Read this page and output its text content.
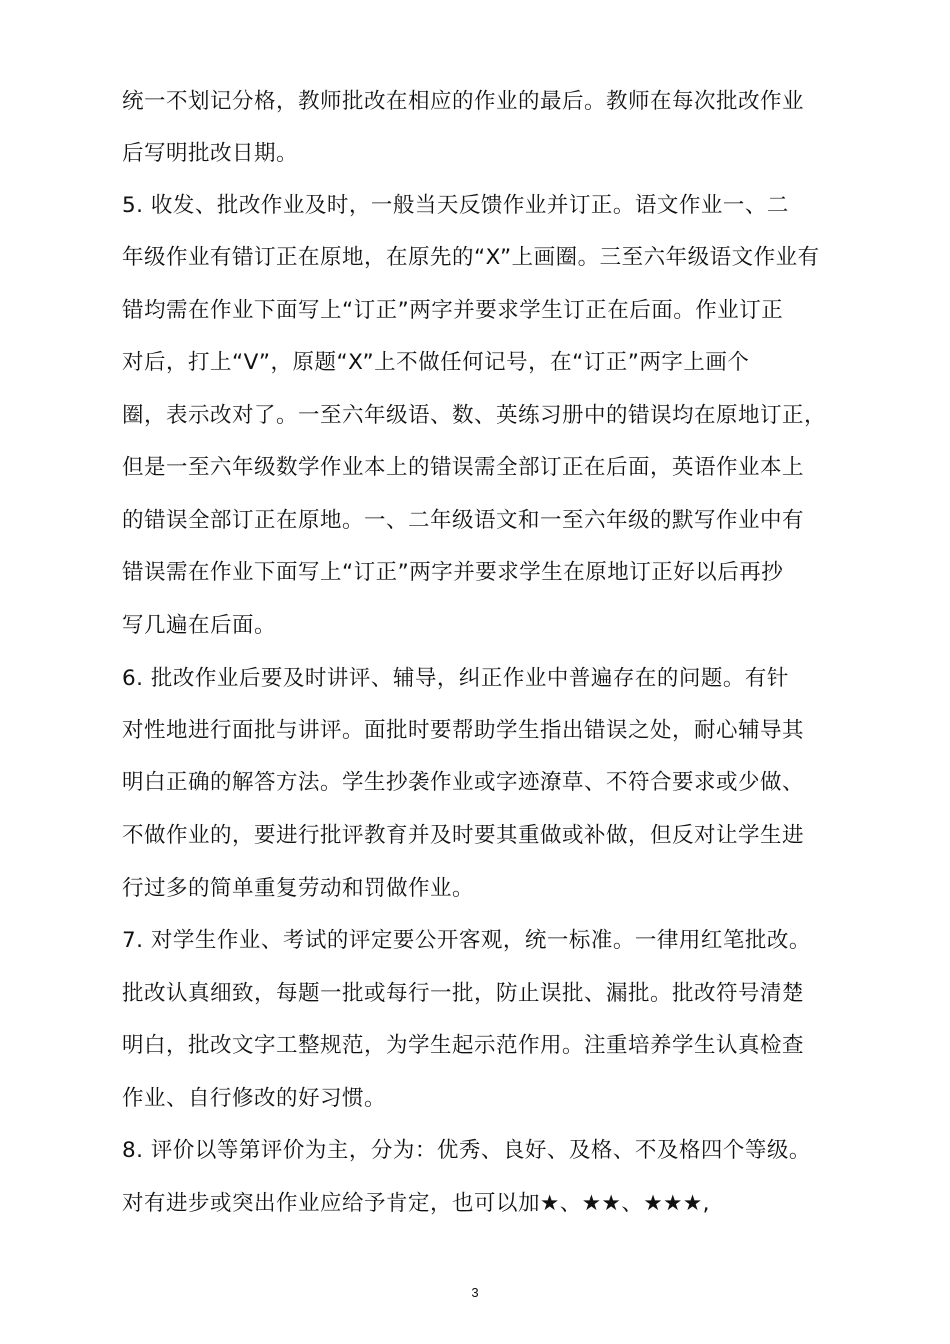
统一不划记分格，教师批改在相应的作业的最后。教师在每次批改作业
后写明批改日期。
5. 收发、批改作业及时，一般当天反馈作业并订正。语文作业一、二
年级作业有错订正在原地，在原先的“X”上画圈。三至六年级语文作业有
错均需在作业下面写上“订正”两字并要求学生订正在后面。作业订正
对后，打上“V”，原题“X”上不做任何记号，在“订正”两字上画个
圈，表示改对了。一至六年级语、数、英练习册中的错误均在原地订正，
但是一至六年级数学作业本上的错误需全部订正在后面，英语作业本上
的错误全部订正在原地。一、二年级语文和一至六年级的默写作业中有
错误需在作业下面写上“订正”两字并要求学生在原地订正好以后再抄
写几遍在后面。
6. 批改作业后要及时讲评、辅导，纠正作业中普遍存在的问题。有针
对性地进行面批与讲评。面批时要帮助学生指出错误之处，耐心辅导其
明白正确的解答方法。学生抄袭作业或字迹潦草、不符合要求或少做、
不做作业的，要进行批评教育并及时要其重做或补做，但反对让学生进
行过多的简单重复劳动和罚做作业。
7. 对学生作业、考试的评定要公开客观，统一标准。一律用红笔批改。
批改认真细致，每题一批或每行一批，防止误批、漏批。批改符号清楚
明白，批改文字工整规范，为学生起示范作用。注重培养学生认真检查
作业、自行修改的好习惯。
8. 评价以等第评价为主，分为：优秀、良好、及格、不及格四个等级。
对有进步或突出作业应给予肯定，也可以加★、★★、★★★,
3
